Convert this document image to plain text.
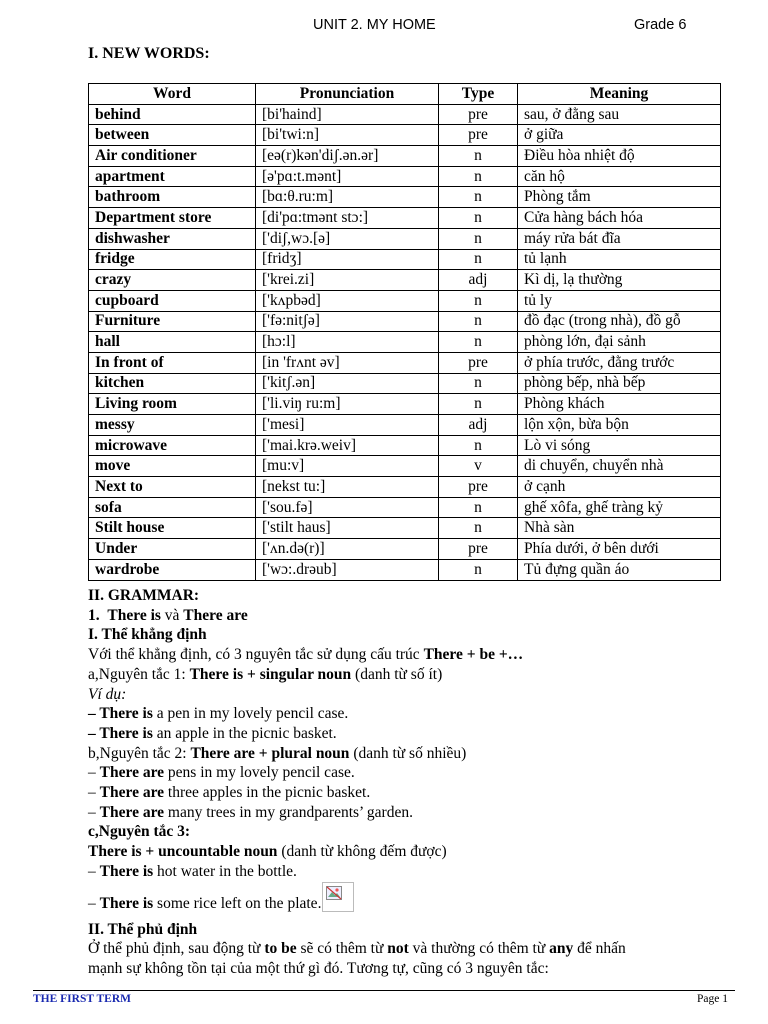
UNIT 2. MY HOME	Grade 6
I. NEW WORDS:
Word	Pronunciation	Type	Meaning
behind	[bi'haind]	pre	sau, ở đằng sau
between	[bi'twi:n]	pre	ở giữa
Air conditioner	[eə(r)kən'diʃ.ən.ər]	n	Điều hòa nhiệt độ
apartment	[ə'pɑ:t.mənt]	n	căn hộ
bathroom	[bɑ:θ.ru:m]	n	Phòng tắm
Department store	[di'pɑ:tmənt stɔ:]	n	Cửa hàng bách hóa
dishwasher	['diʃ,wɔ.[ə]	n	máy rửa bát đĩa
fridge	[fridʒ]	n	tủ lạnh
crazy	['krei.zi]	adj	Kì dị, lạ thường
cupboard	['kʌpbəd]	n	tủ ly
Furniture	['fə:nitʃə]	n	đồ đạc (trong nhà), đồ gỗ
hall	[hɔ:l]	n	phòng lớn, đại sảnh
In front of	[in 'frʌnt əv]	pre	ở phía trước, đằng trước
kitchen	['kitʃ.ən]	n	phòng bếp, nhà bếp
Living room	['li.viŋ ru:m]	n	Phòng khách
messy	['mesi]	adj	lộn xộn, bừa bộn
microwave	['mai.krə.weiv]	n	Lò vi sóng
move	[mu:v]	v	di chuyển, chuyển nhà
Next to	[nekst tu:]	pre	ở cạnh
sofa	['sou.fə]	n	ghế xôfa, ghế tràng kỷ
Stilt house	['stilt haus]	n	Nhà sàn
Under	['ʌn.də(r)]	pre	Phía dưới, ở bên dưới
wardrobe	['wɔ:.drəub]	n	Tủ đựng quần áo
II. GRAMMAR:
1. There is và There are
I. Thể khẳng định
Với thể khẳng định, có 3 nguyên tắc sử dụng cấu trúc There + be +…
a,Nguyên tắc 1: There is + singular noun (danh từ số ít)
Ví dụ:
– There is a pen in my lovely pencil case.
– There is an apple in the picnic basket.
b,Nguyên tắc 2: There are + plural noun (danh từ số nhiều)
– There are pens in my lovely pencil case.
– There are three apples in the picnic basket.
– There are many trees in my grandparents’ garden.
c,Nguyên tắc 3:
There is + uncountable noun (danh từ không đếm được)
– There is hot water in the bottle.
– There is some rice left on the plate.
II. Thể phủ định
Ở thể phủ định, sau động từ to be sẽ có thêm từ not và thường có thêm từ any để nhấn
mạnh sự không tồn tại của một thứ gì đó. Tương tự, cũng có 3 nguyên tắc:
THE FIRST TERM	Page 1
